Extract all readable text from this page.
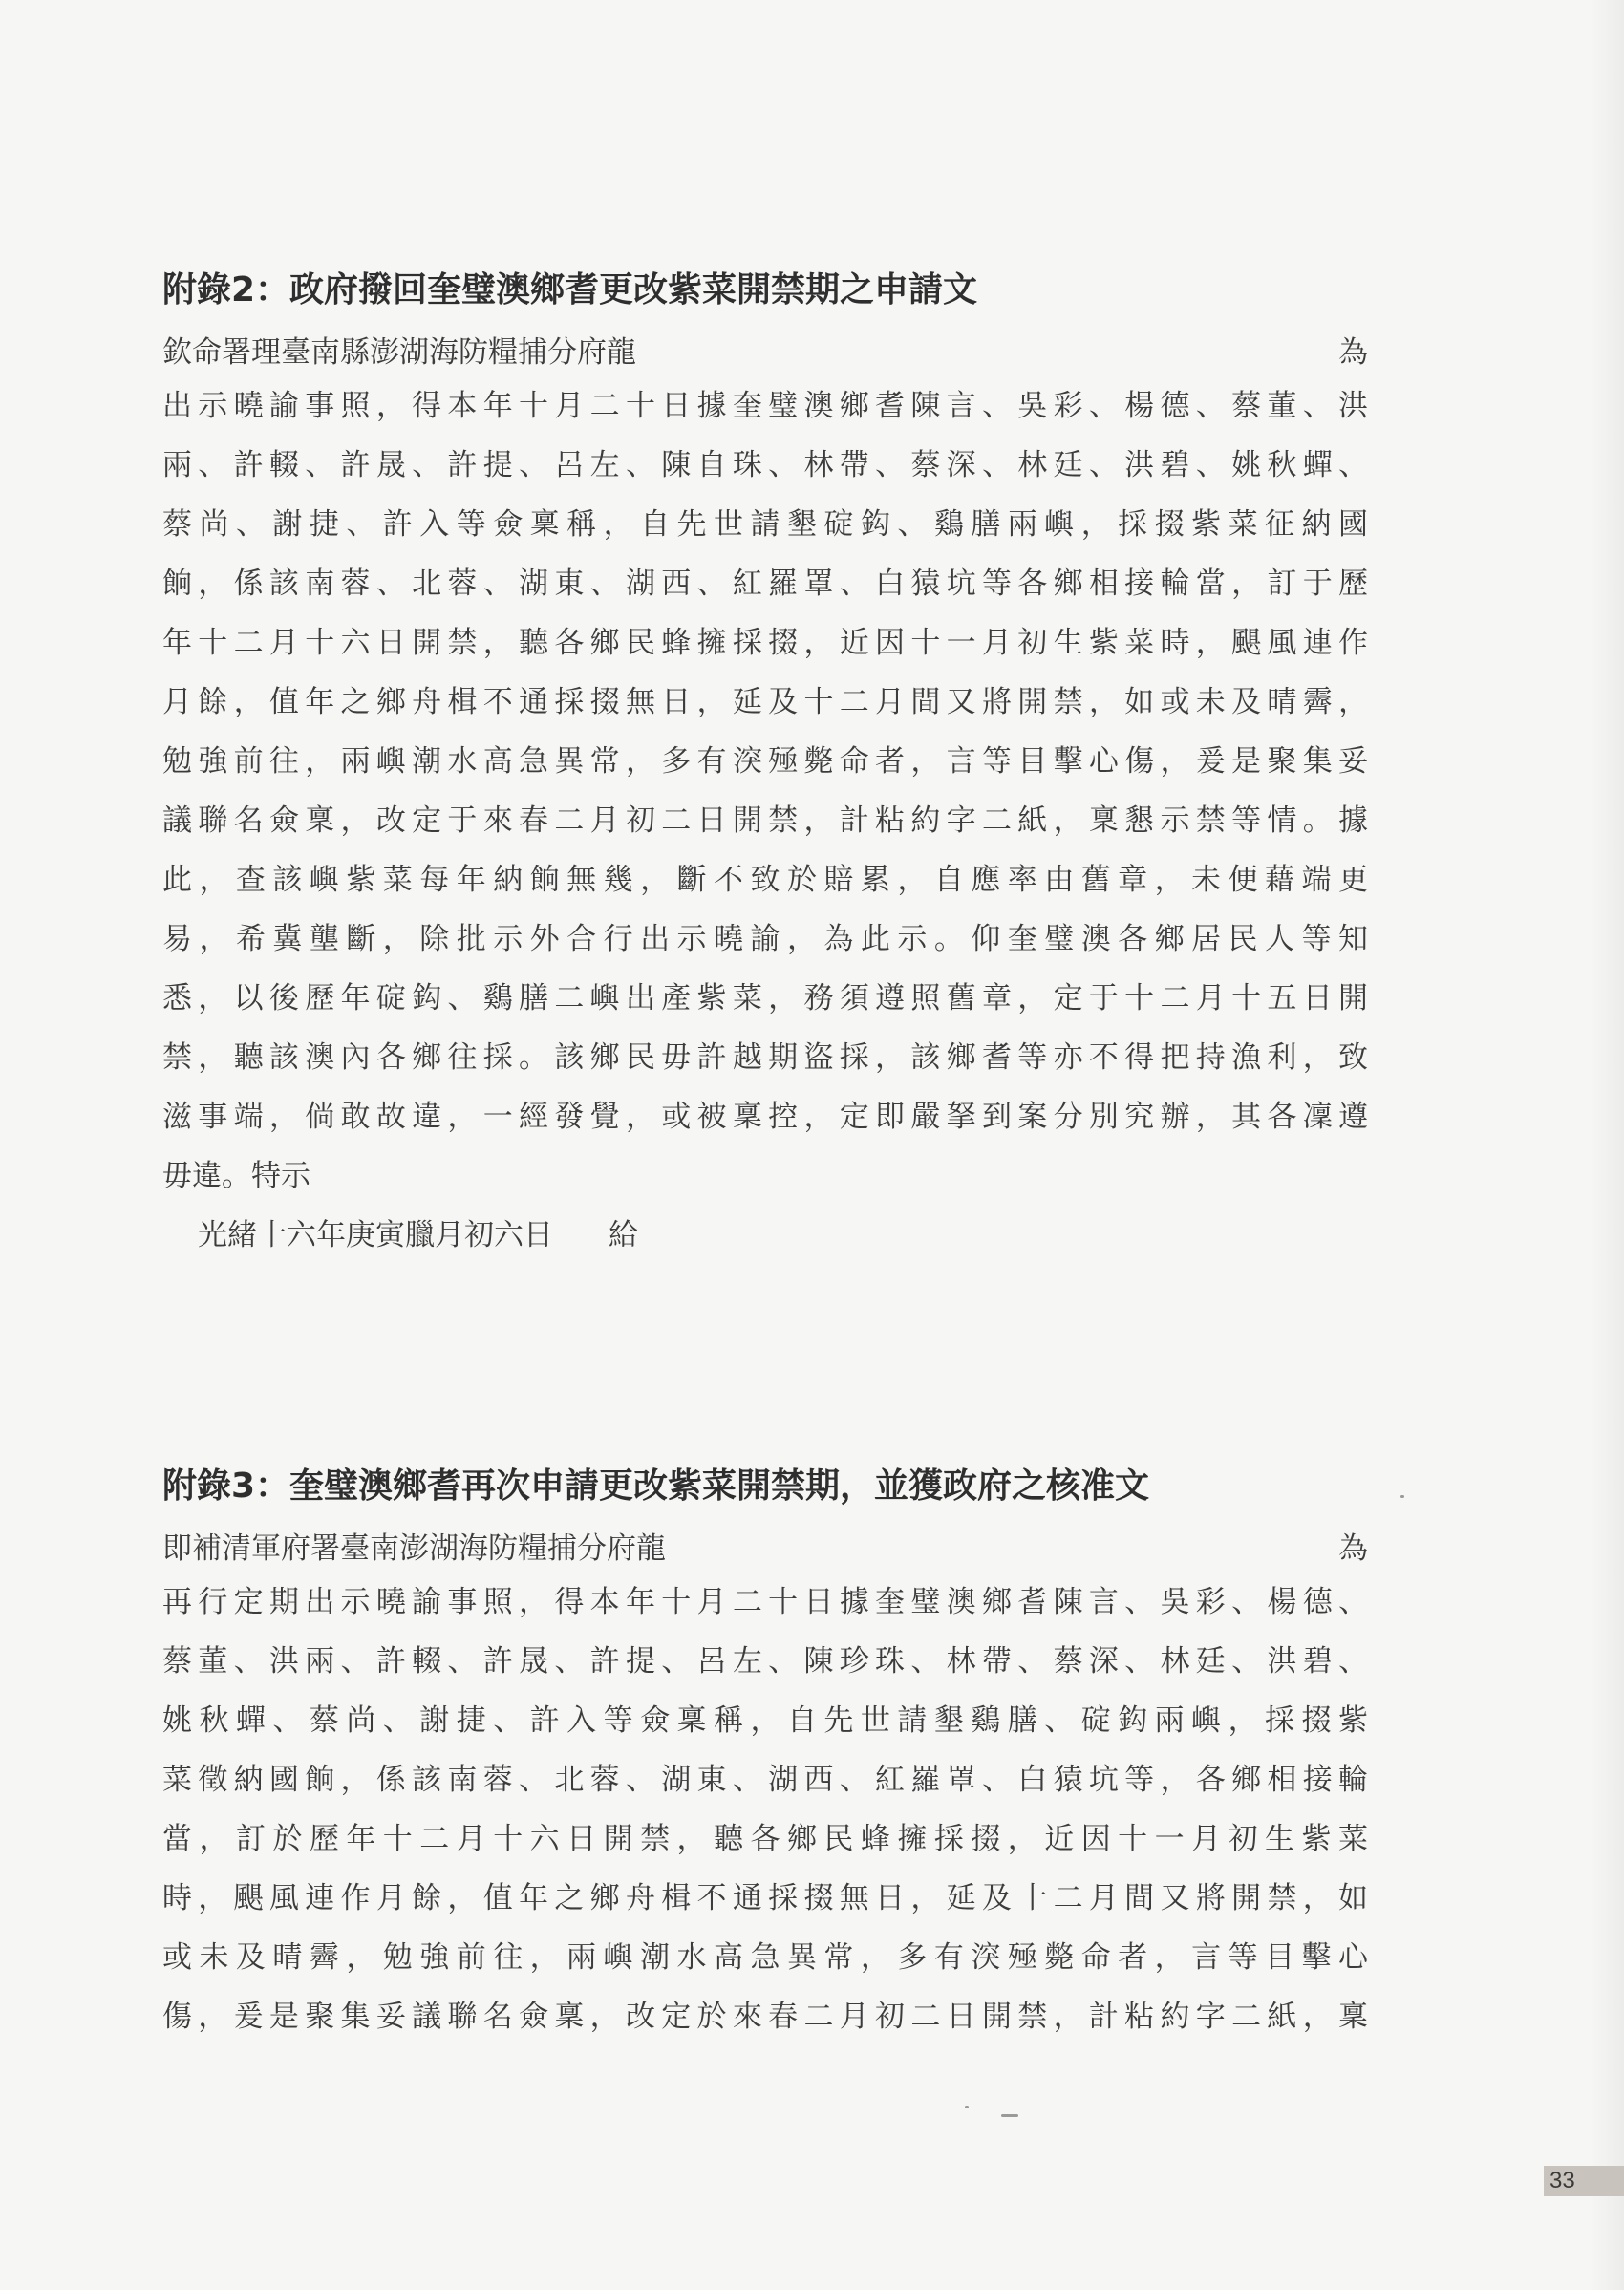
附錄2：政府撥回奎璧澳鄉耆更改紫菜開禁期之申請文
欽命署理臺南縣澎湖海防糧捕分府龍	為
出示曉諭事照，得本年十月二十日據奎璧澳鄉耆陳言、吳彩、楊德、蔡董、洪
兩、許輟、許晟、許提、呂左、陳自珠、林帶、蔡深、林廷、洪碧、姚秋蟬、
蔡尚、謝捷、許入等僉稟稱，自先世請墾碇鈎、鷄膳兩嶼，採掇紫菜征納國
餉，係該南蓉、北蓉、湖東、湖西、紅羅罩、白猿坑等各鄉相接輪當，訂于歷
年十二月十六日開禁，聽各鄉民蜂擁採掇，近因十一月初生紫菜時，颶風連作
月餘，值年之鄉舟楫不通採掇無日，延及十二月間又將開禁，如或未及晴霽，
勉強前往，兩嶼潮水高急異常，多有湥殛斃命者，言等目擊心傷，爰是聚集妥
議聯名僉稟，改定于來春二月初二日開禁，計粘約字二紙，稟懇示禁等情。據
此，查該嶼紫菜每年納餉無幾，斷不致於賠累，自應率由舊章，未便藉端更
易，希冀壟斷，除批示外合行出示曉諭，為此示。仰奎璧澳各鄉居民人等知
悉，以後歷年碇鈎、鷄膳二嶼出產紫菜，務須遵照舊章，定于十二月十五日開
禁，聽該澳內各鄉往採。該鄉民毋許越期盜採，該鄉耆等亦不得把持漁利，致
滋事端，倘敢故違，一經發覺，或被稟控，定即嚴拏到案分別究辦，其各凜遵
毋違。特示
光緒十六年庚寅臘月初六日 給
附錄3：奎璧澳鄉耆再次申請更改紫菜開禁期，並獲政府之核准文
即補清軍府署臺南澎湖海防糧捕分府龍	為
再行定期出示曉諭事照，得本年十月二十日據奎璧澳鄉耆陳言、吳彩、楊德、
蔡董、洪兩、許輟、許晟、許提、呂左、陳珍珠、林帶、蔡深、林廷、洪碧、
姚秋蟬、蔡尚、謝捷、許入等僉稟稱，自先世請墾鷄膳、碇鈎兩嶼，採掇紫
菜徵納國餉，係該南蓉、北蓉、湖東、湖西、紅羅罩、白猿坑等，各鄉相接輪
當，訂於歷年十二月十六日開禁，聽各鄉民蜂擁採掇，近因十一月初生紫菜
時，颶風連作月餘，值年之鄉舟楫不通採掇無日，延及十二月間又將開禁，如
或未及晴霽，勉強前往，兩嶼潮水高急異常，多有湥殛斃命者，言等目擊心
傷，爰是聚集妥議聯名僉稟，改定於來春二月初二日開禁，計粘約字二紙，稟
33
